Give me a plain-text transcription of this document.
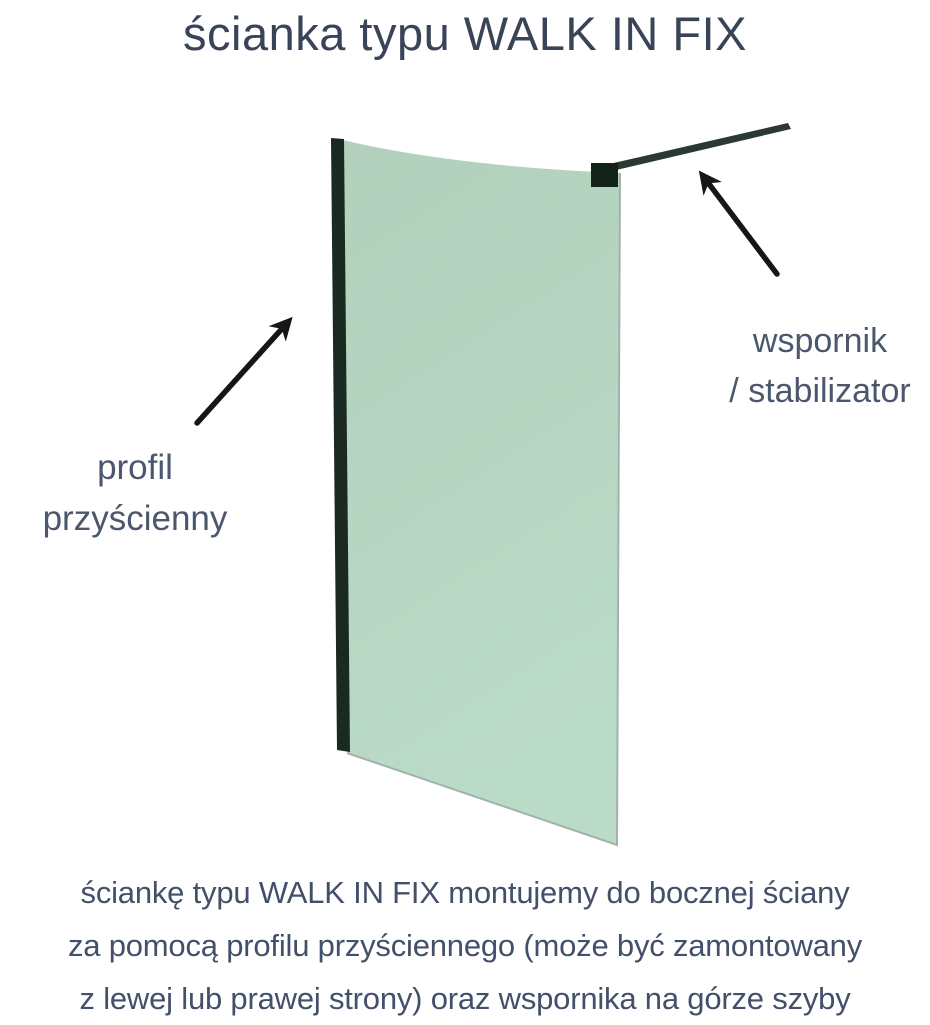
ścianka typu WALK IN FIX
profil
przyścienny
wspornik
/ stabilizator
ściankę typu WALK IN FIX montujemy do bocznej ściany
za pomocą profilu przyściennego (może być zamontowany
z lewej lub prawej strony) oraz wspornika na górze szyby
